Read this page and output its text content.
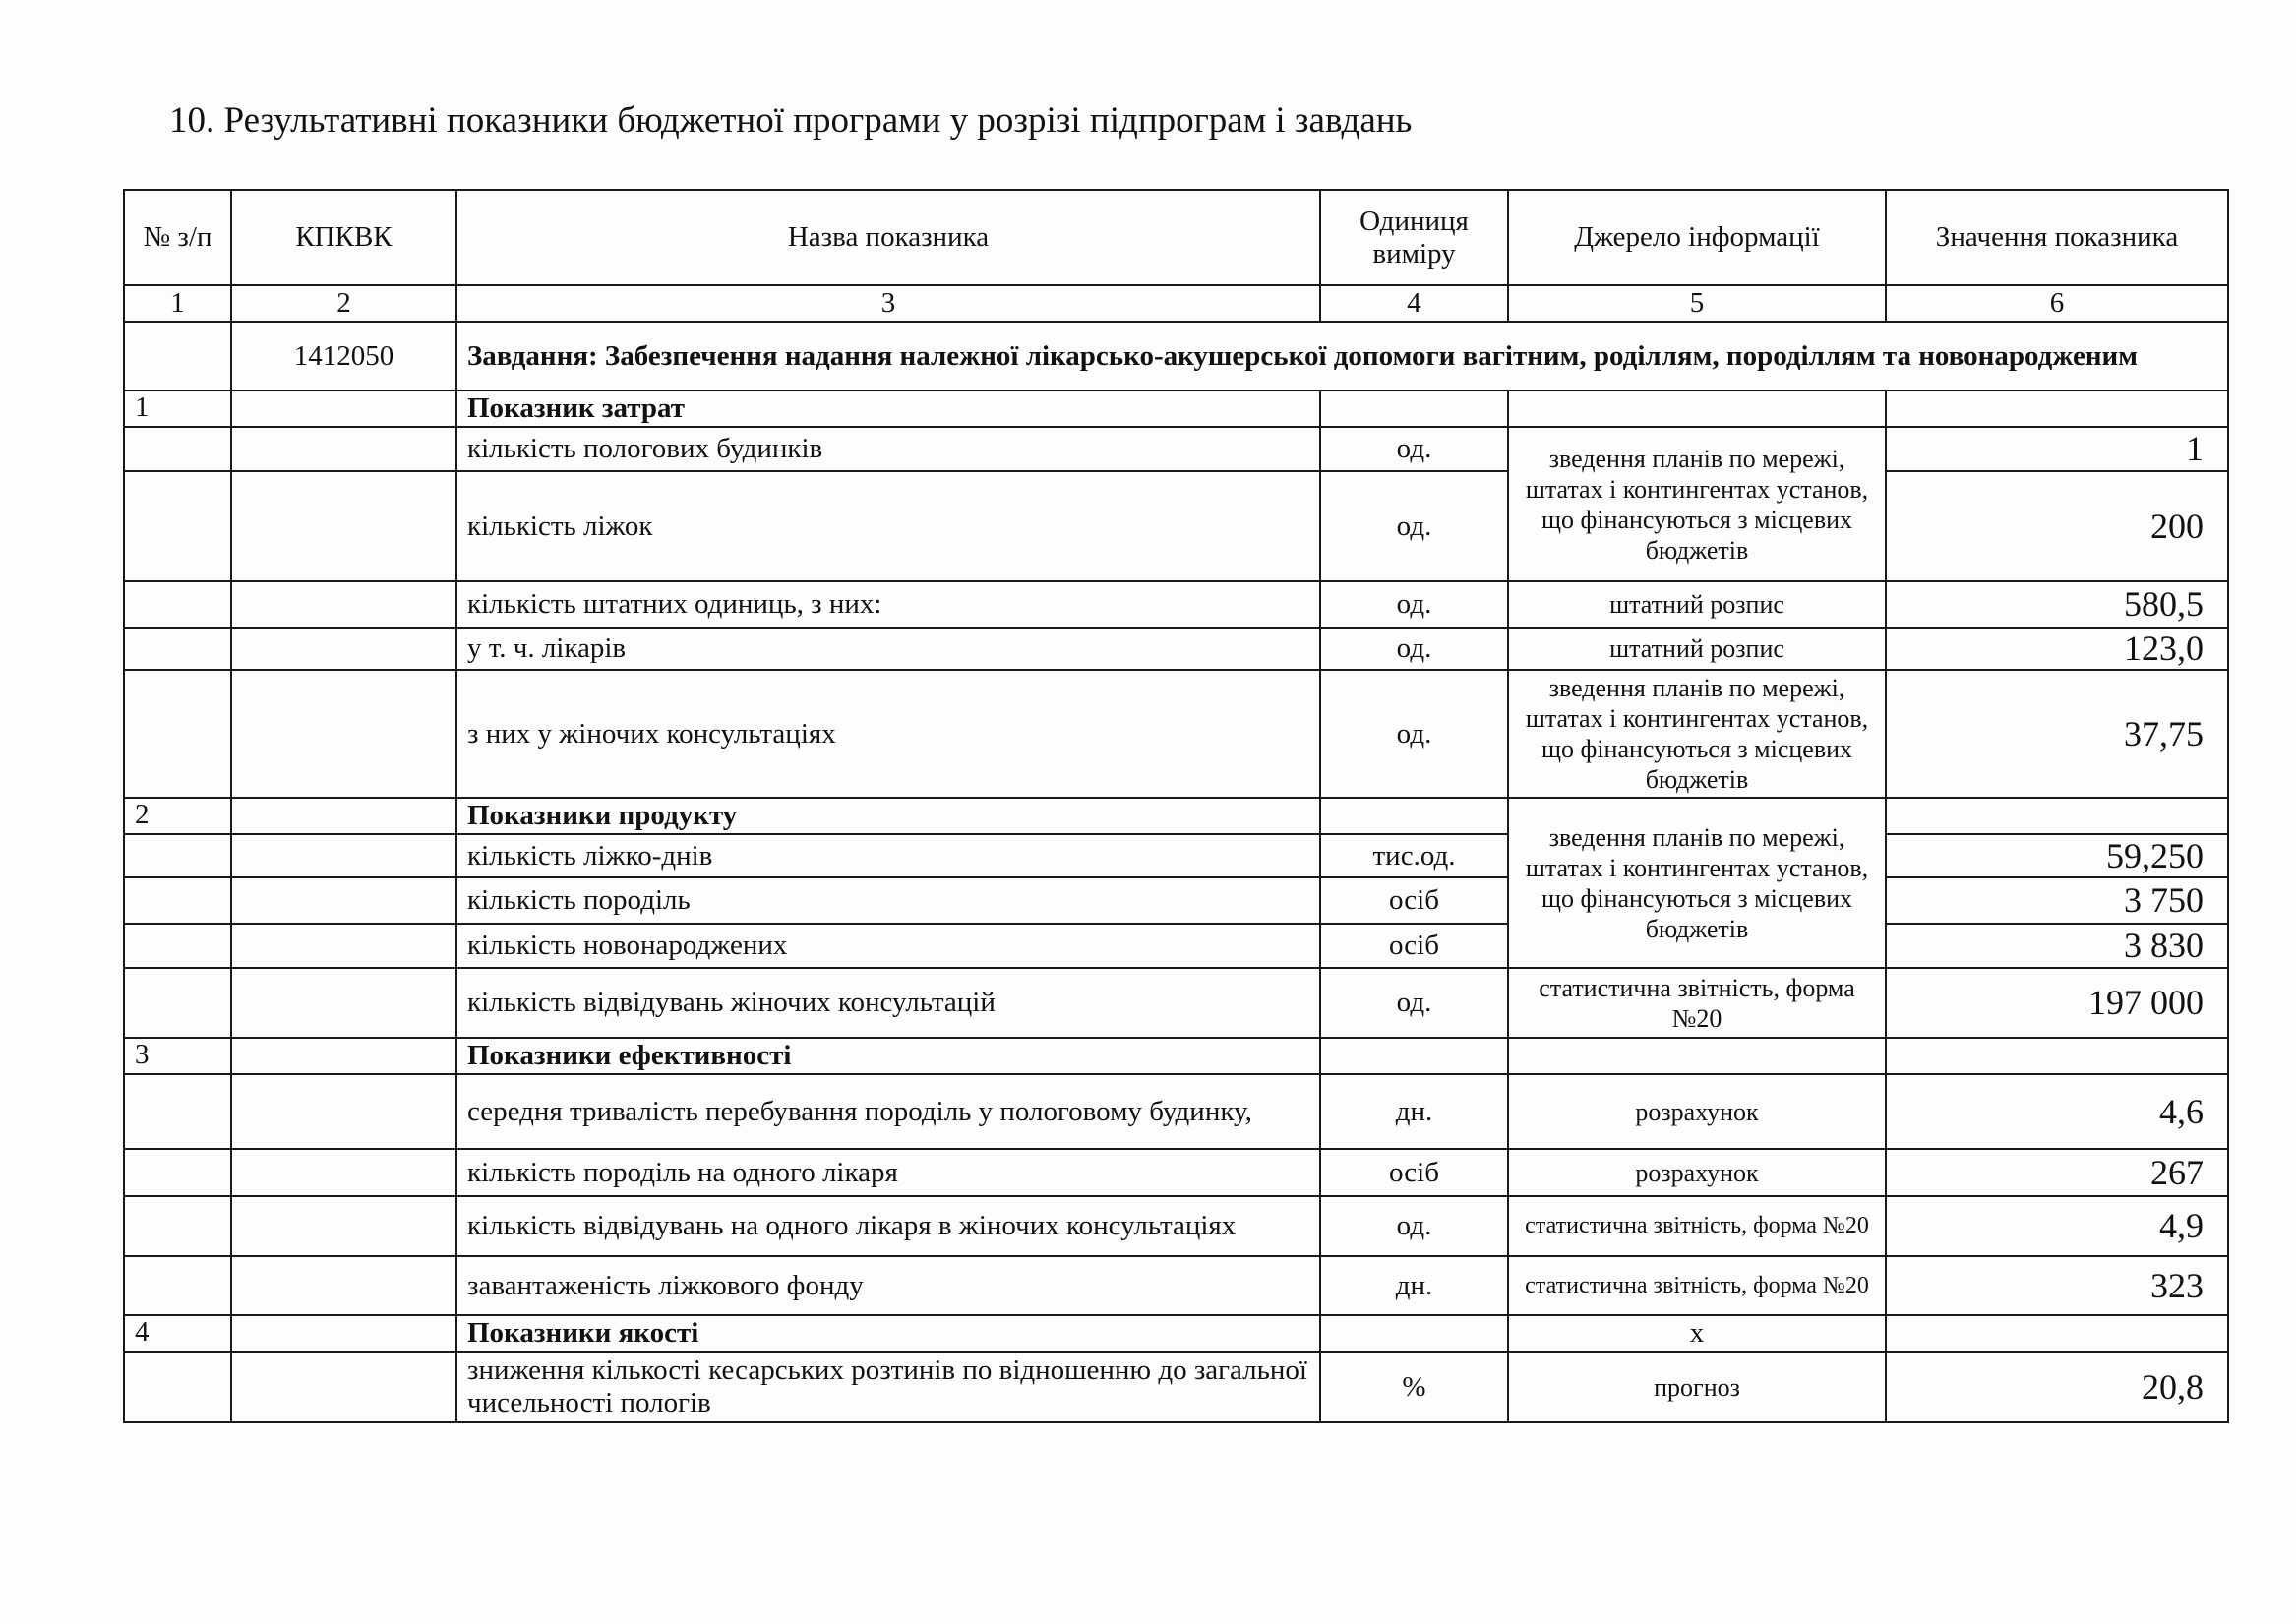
10. Результативні показники бюджетної програми у розрізі підпрограм і завдань
№ з/п	КПКВК	Назва показника	Одиниця виміру	Джерело інформації	Значення показника
1	2	3	4	5	6
	1412050	Завдання: Забезпечення надання належної лікарсько-акушерської допомоги вагітним, роділлям, породіллям та новонародженим			
1		Показник затрат			
		кількість пологових будинків	од.	зведення планів по мережі, штатах і контингентах установ, що фінансуються з місцевих бюджетів	1
		кількість ліжок	од.		200
		кількість штатних одиниць, з них:	од.	штатний розпис	580,5
		у т. ч. лікарів	од.	штатний розпис	123,0
		з них у жіночих консультаціях	од.	зведення планів по мережі, штатах і контингентах установ, що фінансуються з місцевих бюджетів	37,75
2		Показники продукту		зведення планів по мережі, штатах і контингентах установ, що фінансуються з місцевих бюджетів	
		кількість ліжко-днів	тис.од.		59,250
		кількість породіль	осіб		3 750
		кількість новонароджених	осіб		3 830
		кількість відвідувань жіночих консультацій	од.	статистична звітність, форма №20	197 000
3		Показники ефективності			
		середня тривалість перебування породіль у пологовому будинку,	дн.	розрахунок	4,6
		кількість породіль на одного лікаря	осіб	розрахунок	267
		кількість відвідувань на одного лікаря в жіночих консультаціях	од.	статистична звітність, форма №20	4,9
		завантаженість ліжкового фонду	дн.	статистична звітність, форма №20	323
4		Показники якості		х	
		зниження кількості кесарських розтинів по відношенню до загальної чисельності пологів	%	прогноз	20,8
